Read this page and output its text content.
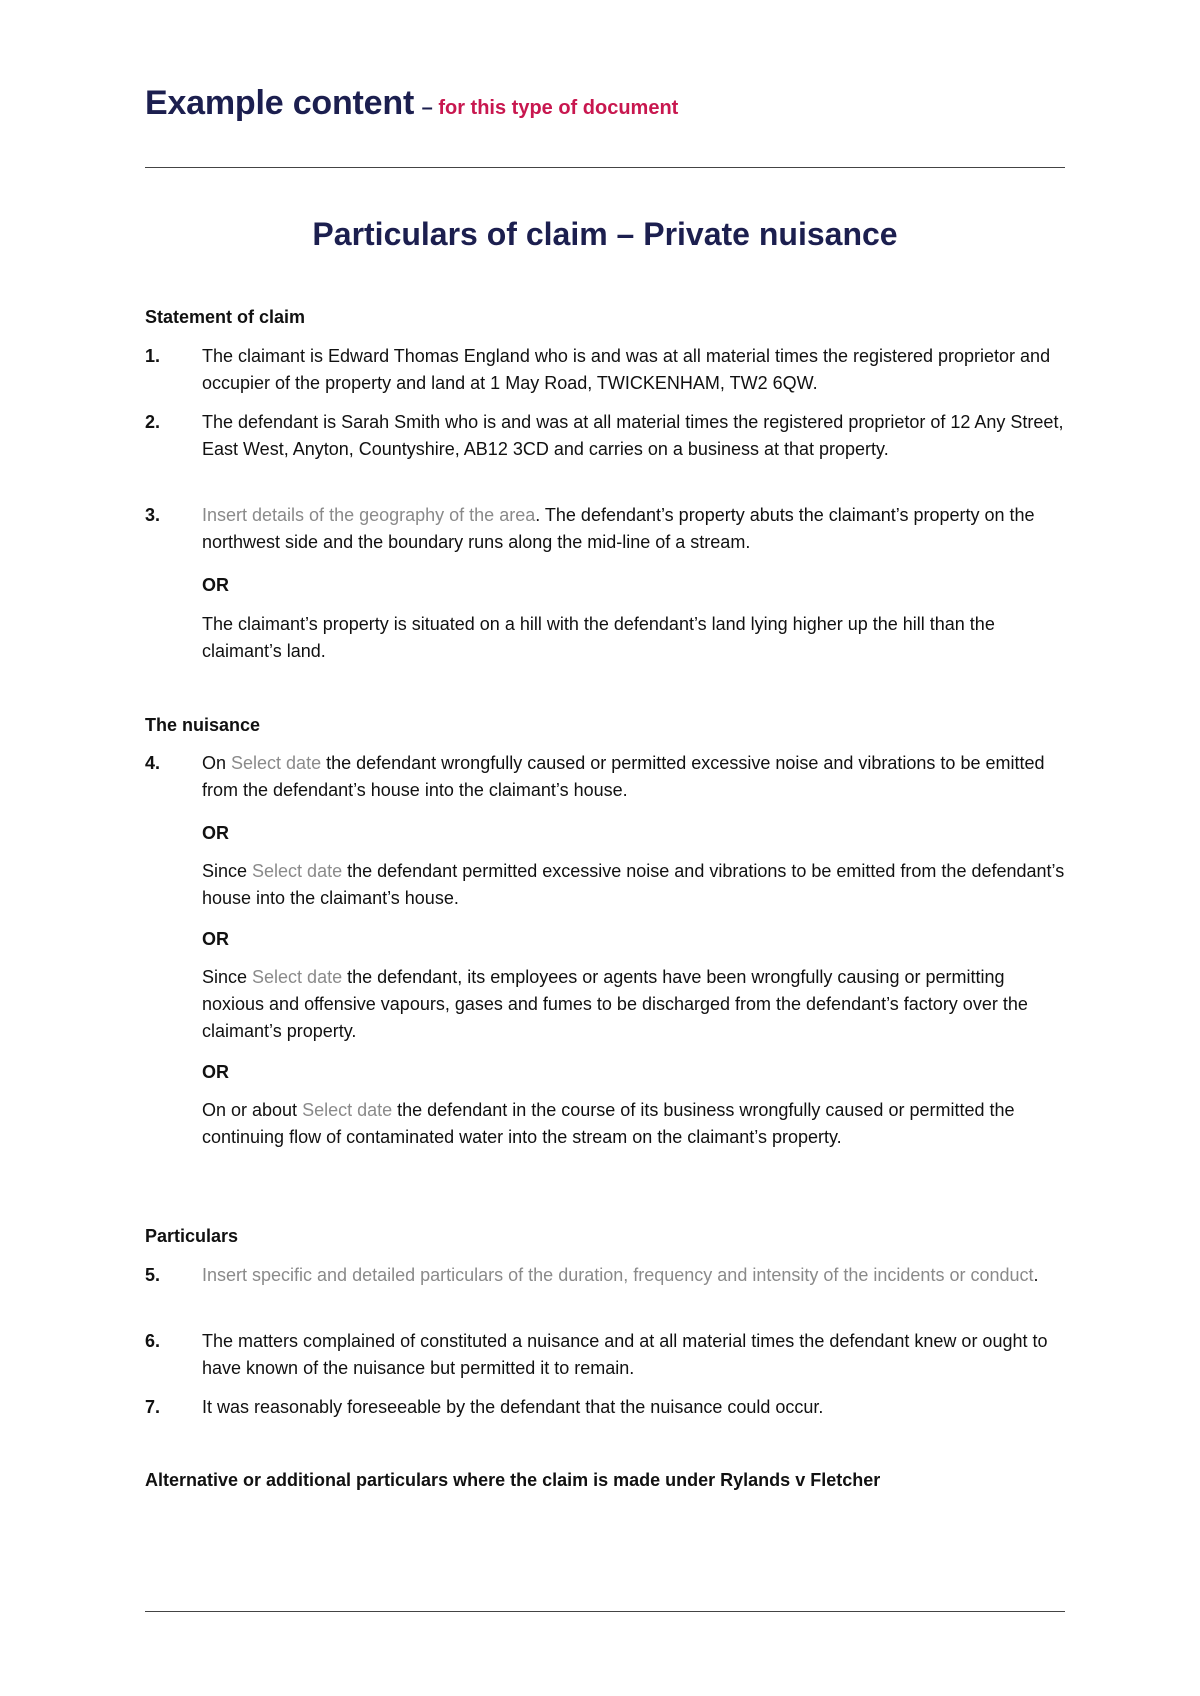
Example content – for this type of document
Particulars of claim – Private nuisance
Statement of claim
1. The claimant is Edward Thomas England who is and was at all material times the registered proprietor and occupier of the property and land at 1 May Road, TWICKENHAM, TW2 6QW.
2. The defendant is Sarah Smith who is and was at all material times the registered proprietor of 12 Any Street, East West, Anyton, Countyshire, AB12 3CD and carries on a business at that property.
3. Insert details of the geography of the area. The defendant’s property abuts the claimant’s property on the northwest side and the boundary runs along the mid-line of a stream.
OR
The claimant’s property is situated on a hill with the defendant’s land lying higher up the hill than the claimant’s land.
The nuisance
4. On Select date the defendant wrongfully caused or permitted excessive noise and vibrations to be emitted from the defendant’s house into the claimant’s house.
OR
Since Select date the defendant permitted excessive noise and vibrations to be emitted from the defendant’s house into the claimant’s house.
OR
Since Select date the defendant, its employees or agents have been wrongfully causing or permitting noxious and offensive vapours, gases and fumes to be discharged from the defendant’s factory over the claimant’s property.
OR
On or about Select date the defendant in the course of its business wrongfully caused or permitted the continuing flow of contaminated water into the stream on the claimant’s property.
Particulars
5. Insert specific and detailed particulars of the duration, frequency and intensity of the incidents or conduct.
6. The matters complained of constituted a nuisance and at all material times the defendant knew or ought to have known of the nuisance but permitted it to remain.
7. It was reasonably foreseeable by the defendant that the nuisance could occur.
Alternative or additional particulars where the claim is made under Rylands v Fletcher
